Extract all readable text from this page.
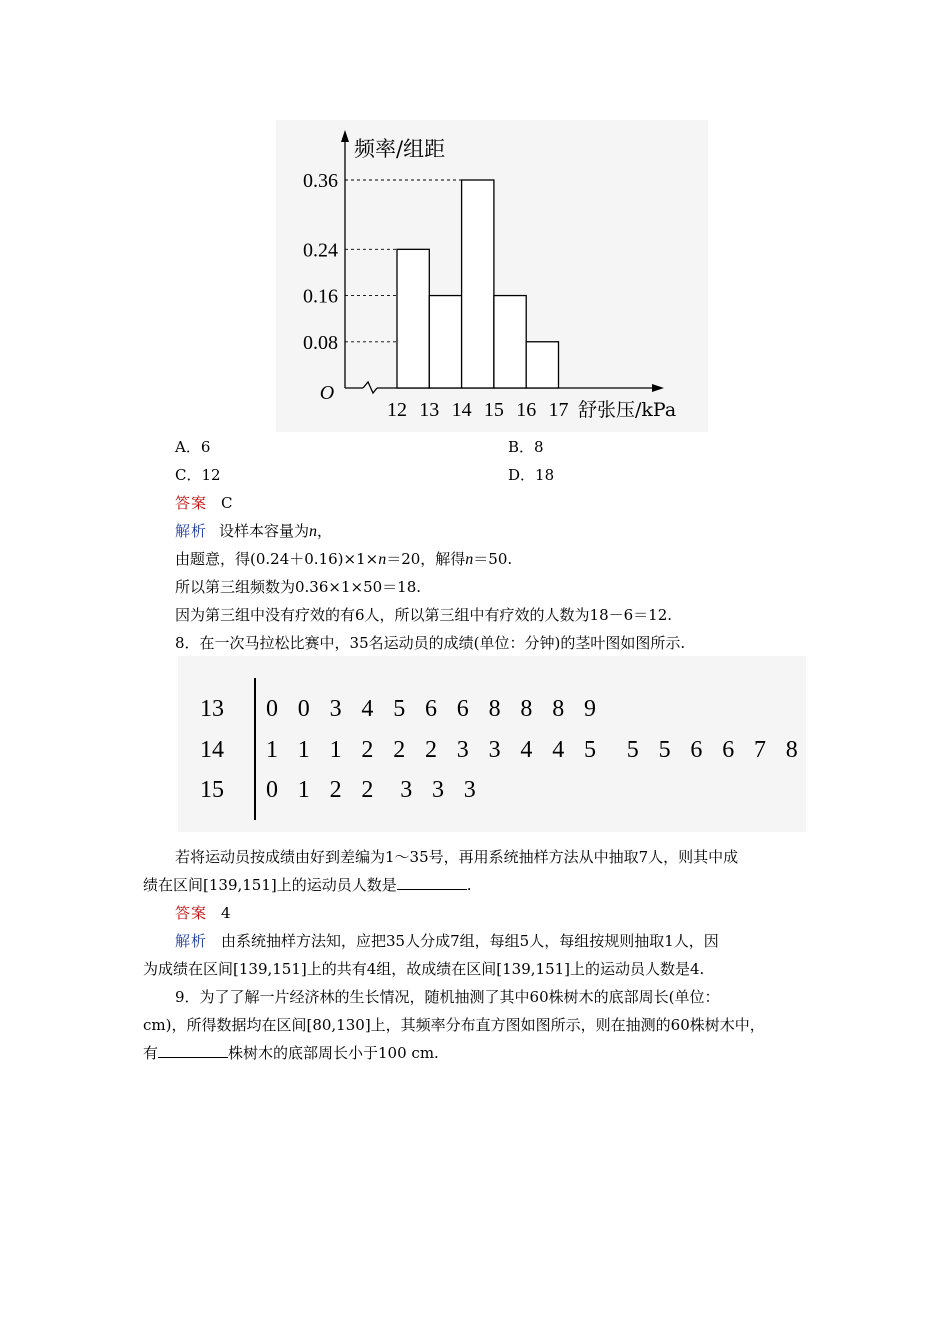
0.36
0.24
0.16
0.08
12 13 14 15 16 17
O
频率/组距
舒张压/kPa
A．6	B．8
C．12	D．18
答案 C
解析 设样本容量为n，
由题意，得(0.24＋0.16)×1×n＝20，解得n＝50.
所以第三组频数为0.36×1×50＝18.
因为第三组中没有疗效的有6人，所以第三组中有疗效的人数为18－6＝12.
8．在一次马拉松比赛中，35名运动员的成绩(单位：分钟)的茎叶图如图所示.
13	0 0 3 4 5 6 6 8 8 8 9
14	1 1 1 2 2 2 3 3 4 4 5 5 5 6 6 7 8
15	0 1 2 2 3 3 3
若将运动员按成绩由好到差编为1～35号，再用系统抽样方法从中抽取7人，则其中成
绩在区间[139,151]上的运动员人数是	.
答案 4
解析 由系统抽样方法知，应把35人分成7组，每组5人，每组按规则抽取1人，因
为成绩在区间[139,151]上的共有4组，故成绩在区间[139,151]上的运动员人数是4.
9．为了了解一片经济林的生长情况，随机抽测了其中60株树木的底部周长(单位：
cm)，所得数据均在区间[80,130]上，其频率分布直方图如图所示，则在抽测的60株树木中，
有	株树木的底部周长小于100 cm.
